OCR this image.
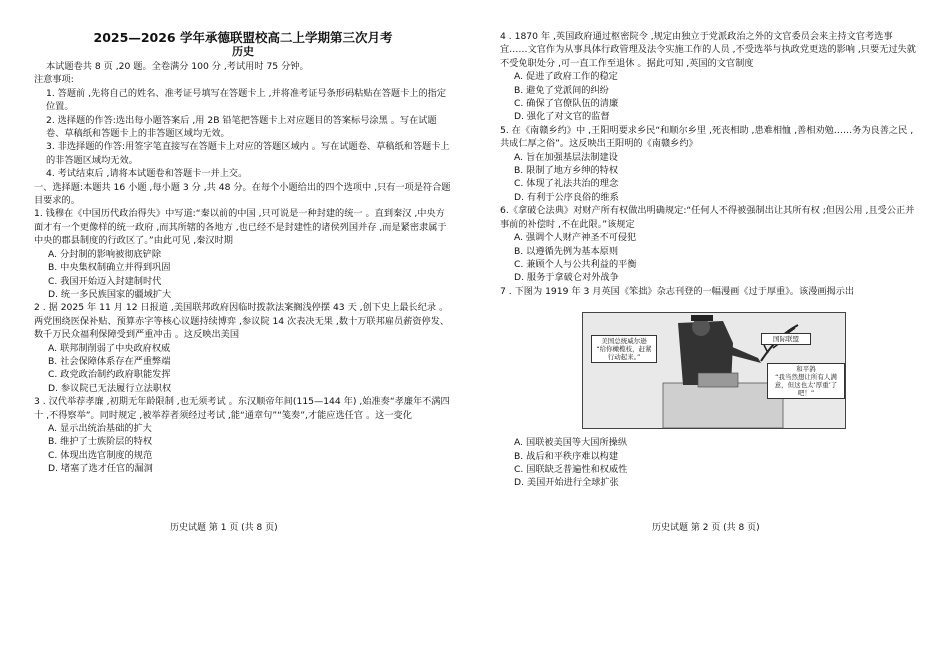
2025—2026 学年承德联盟校高二上学期第三次月考
历史

本试题卷共 8 页 ,20 题。全卷满分 100 分 ,考试用时 75 分钟。

注意事项:

1. 答题前 ,先将自己的姓名、准考证号填写在答题卡上 ,并将准考证号条形码粘贴在答题卡上的指定位置。

2. 选择题的作答:选出每小题答案后 ,用 2B 铅笔把答题卡上对应题目的答案标号涂黑 。写在试题卷、草稿纸和答题卡上的非答题区域均无效。

3. 非选择题的作答:用签字笔直接写在答题卡上对应的答题区域内 。写在试题卷、草稿纸和答题卡上的非答题区域均无效。

4. 考试结束后 ,请将本试题卷和答题卡一并上交。

一、选择题:本题共 16 小题 ,每小题 3 分 ,共 48 分。在每个小题给出的四个选项中 ,只有一项是符合题目要求的。

1. 钱穆在《中国历代政治得失》中写道:“秦以前的中国 ,只可说是一种封建的统一 。直到秦汉 ,中央方面才有一个更像样的统一政府 ,而其所辖的各地方 ,也已经不是封建性的诸侯列国并存 ,而是紧密隶属于中央的郡县制度的行政区了。”由此可见 ,秦汉时期

A. 分封制的影响被彻底铲除

B. 中央集权制确立并得到巩固

C. 我国开始迈入封建制时代

D. 统一多民族国家的疆域扩大

2 . 据 2025 年 11 月 12 日报道 ,美国联邦政府因临时拨款法案搁浅停摆 43 天 ,创下史上最长纪录 。两党围绕医保补贴、预算赤字等核心议题持续博弈 ,参议院 14 次表决无果 ,数十万联邦雇员薪资停发、数千万民众福利保障受到严重冲击 。这反映出美国

A. 联邦制削弱了中央政府权威

B. 社会保障体系存在严重弊端

C. 政党政治制约政府职能发挥

D. 参议院已无法履行立法职权

3 . 汉代举荐孝廉 ,初期无年龄限制 ,也无须考试 。东汉顺帝年间(115—144 年) ,始准奏“孝廉年不满四十 ,不得察举”。同时规定 ,被举荐者须经过考试 ,能“通章句”“笺奏”,才能应选任官 。这一变化

A. 显示出统治基础的扩大

B. 维护了士族阶层的特权

C. 体现出选官制度的规范

D. 堵塞了选才任官的漏洞

4 . 1870 年 ,英国政府通过枢密院令 ,规定由独立于党派政治之外的文官委员会来主持文官考选事宜……文官作为从事具体行政管理及法令实施工作的人员 ,不受选举与执政党更迭的影响 ,只要无过失就不受免职处分 ,可一直工作至退休 。据此可知 ,英国的文官制度

A. 促进了政府工作的稳定

B. 避免了党派间的纠纷

C. 确保了官僚队伍的清廉

D. 强化了对文官的监督

5. 在《南赣乡约》中 ,王阳明要求乡民“和顺尔乡里 ,死丧相助 ,患难相恤 ,善相劝勉……务为良善之民 ,共成仁厚之俗”。这反映出王阳明的《南赣乡约》

A. 旨在加强基层法制建设

B. 限制了地方乡绅的特权

C. 体现了礼法共治的理念

D. 有利于公序良俗的维系

6.《拿破仑法典》对财产所有权做出明确规定:“任何人不得被强制出让其所有权 ;但因公用 ,且受公正并事前的补偿时 ,不在此限。”该规定

A. 强调个人财产神圣不可侵犯

B. 以遵循先例为基本原则

C. 兼顾个人与公共利益的平衡

D. 服务于拿破仑对外战争

7 . 下图为 1919 年 3 月英国《笨拙》杂志刊登的一幅漫画《过于厚重》。该漫画揭示出

A. 国联被美国等大国所操纵

B. 战后和平秩序难以构建

C. 国联缺乏普遍性和权威性

D. 美国开始进行全球扩张

美国总统威尔逊
“给你橄榄枝，赶紧行动起来。”
国际联盟
和平鸽
“我当然想让所有人满意，但这也太‘厚重’了吧！”
历史试题 第 1 页 (共 8 页)	历史试题 第 2 页 (共 8 页)
